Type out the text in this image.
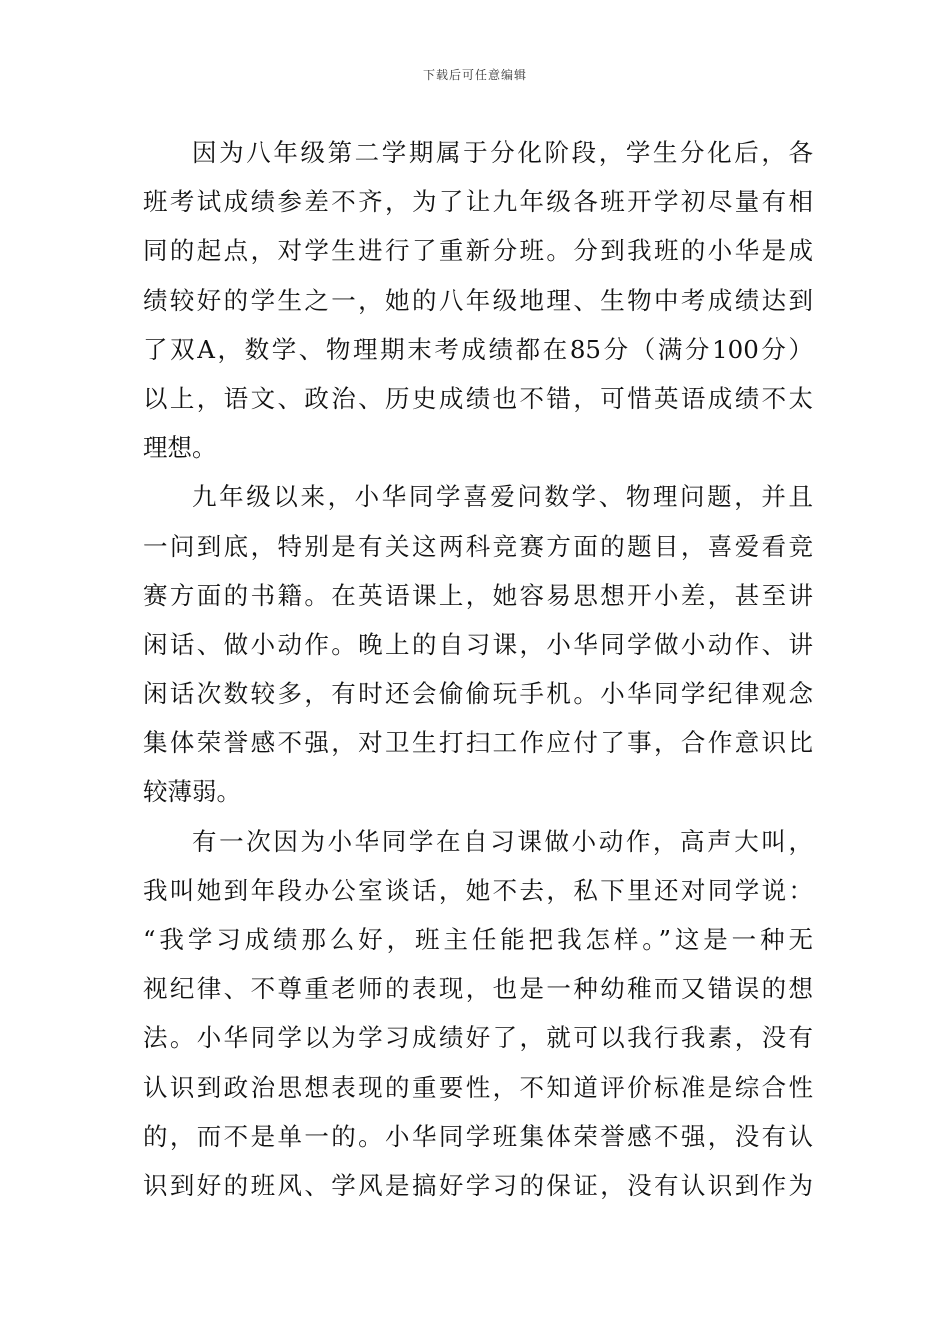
下载后可任意编辑

因为八年级第二学期属于分化阶段，学生分化后，各
班考试成绩参差不齐，为了让九年级各班开学初尽量有相
同的起点，对学生进行了重新分班。分到我班的小华是成
绩较好的学生之一，她的八年级地理、生物中考成绩达到
了双A，数学、物理期末考成绩都在85分（满分100分）
以上，语文、政治、历史成绩也不错，可惜英语成绩不太
理想。

九年级以来，小华同学喜爱问数学、物理问题，并且
一问到底，特别是有关这两科竞赛方面的题目，喜爱看竞
赛方面的书籍。在英语课上，她容易思想开小差，甚至讲
闲话、做小动作。晚上的自习课，小华同学做小动作、讲
闲话次数较多，有时还会偷偷玩手机。小华同学纪律观念
集体荣誉感不强，对卫生打扫工作应付了事，合作意识比
较薄弱。

有一次因为小华同学在自习课做小动作，高声大叫，
我叫她到年段办公室谈话，她不去，私下里还对同学说：
“我学习成绩那么好，班主任能把我怎样。”这是一种无
视纪律、不尊重老师的表现，也是一种幼稚而又错误的想
法。小华同学以为学习成绩好了，就可以我行我素，没有
认识到政治思想表现的重要性，不知道评价标准是综合性
的，而不是单一的。小华同学班集体荣誉感不强，没有认
识到好的班风、学风是搞好学习的保证，没有认识到作为
